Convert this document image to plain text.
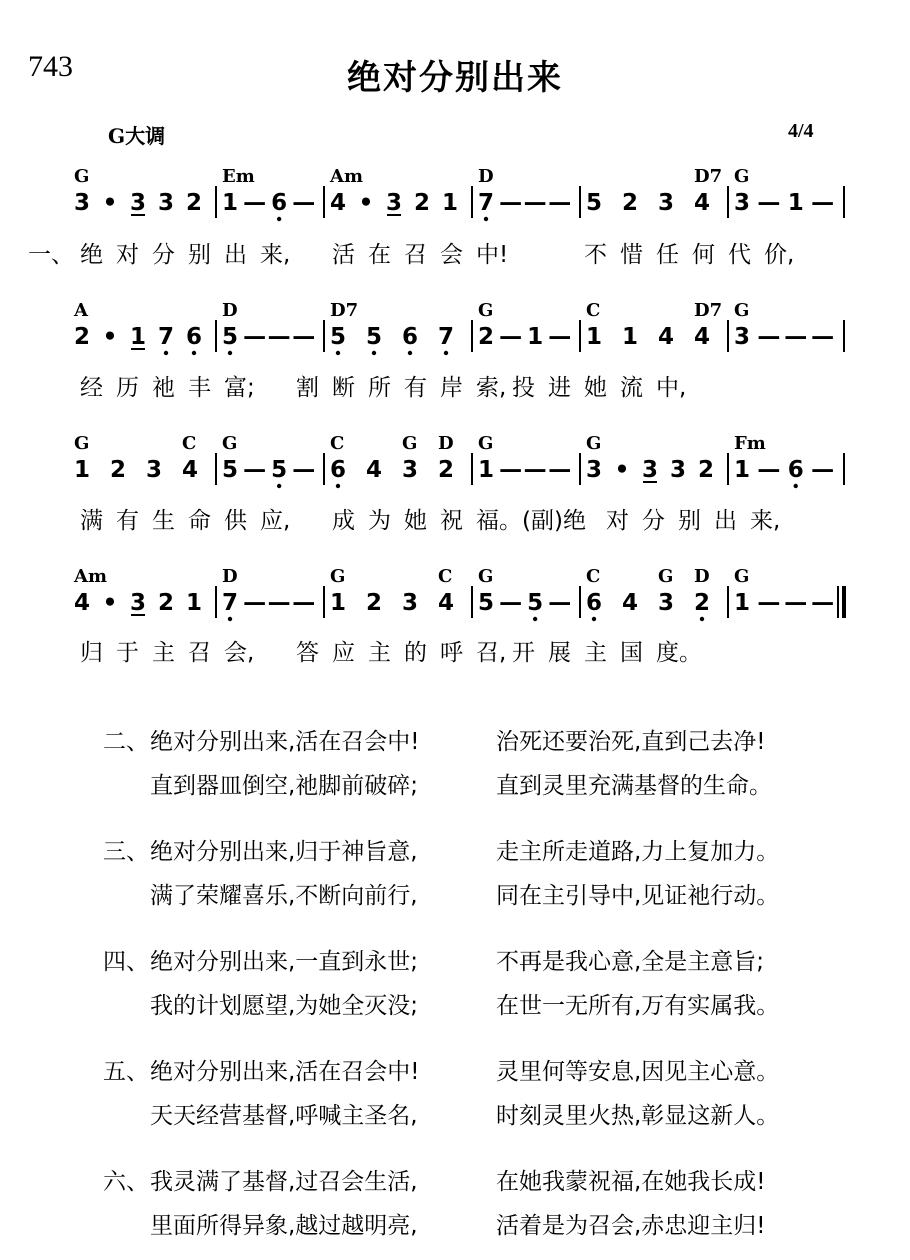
743	绝对分别出来
G大调	4/4
3 • 3 3 2
G
1 — 6 —
Em
4 • 3 2 1
Am
7 — — —
D
5 2 3 4
D7
3 — 1 —
G
一、 绝 对 分 别 出 来, 活 在 召 会 中!	不 惜 任 何 代 价,
2 • 1 7 6
A
5 — — —
D
5 5 6 7
D7
2 — 1 —
G
1 1 4 4
C	D7
3 — — —
G
经 历 祂 丰 富; 割 断 所 有 岸 索, 投 进 她 流 中,
1 2 3 4
G	C
5 — 5 —
G
6 4 3 2
C	G D
1 — — —
G
3 • 3 3 2
G
1 — 6 —
Fm
满 有 生 命 供 应, 成 为 她 祝 福。(副)绝 对 分 别 出 来,
4 • 3 2 1
Am
7 — — —
D
1 2 3 4
G	C
5 — 5 —
G
6 4 3 2
C	G D
1 — — —
G
归 于 主 召 会, 答 应 主 的 呼 召, 开 展 主 国 度。
二、 绝对分别出来,活在召会中!	治死还要治死,直到己去净!
直到器皿倒空,祂脚前破碎;	直到灵里充满基督的生命。
三、 绝对分别出来,归于神旨意,	走主所走道路,力上复加力。
满了荣耀喜乐,不断向前行,	同在主引导中,见证祂行动。
四、 绝对分别出来,一直到永世;	不再是我心意,全是主意旨;
我的计划愿望,为她全灭没;	在世一无所有,万有实属我。
五、 绝对分别出来,活在召会中!	灵里何等安息,因见主心意。
天天经营基督,呼喊主圣名,	时刻灵里火热,彰显这新人。
六、 我灵满了基督,过召会生活,	在她我蒙祝福,在她我长成!
里面所得异象,越过越明亮,	活着是为召会,赤忠迎主归!
